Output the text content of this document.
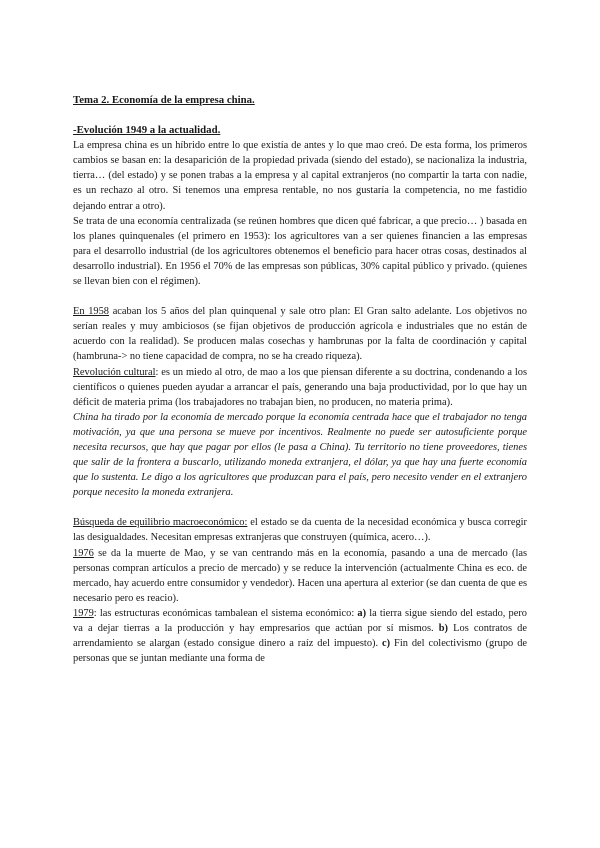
Tema 2. Economía de la empresa china.

-Evolución 1949 a la actualidad.

La empresa china es un híbrido entre lo que existía de antes y lo que mao creó. De esta forma, los primeros cambios se basan en: la desaparición de la propiedad privada (siendo del estado), se nacionaliza la industria, tierra… (del estado) y se ponen trabas a la empresa y al capital extranjeros (no compartir la tarta con nadie, es un rechazo al otro. Si tenemos una empresa rentable, no nos gustaría la competencia, no me fastidio dejando entrar a otro).

Se trata de una economía centralizada (se reúnen hombres que dicen qué fabricar, a que precio… ) basada en los planes quinquenales (el primero en 1953): los agricultores van a ser quienes financien a las empresas para el desarrollo industrial (de los agricultores obtenemos el beneficio para hacer otras cosas, destinados al desarrollo industrial). En 1956 el 70% de las empresas son públicas, 30% capital público y privado. (quienes se llevan bien con el régimen).

En 1958 acaban los 5 años del plan quinquenal y sale otro plan: El Gran salto adelante. Los objetivos no serían reales y muy ambiciosos (se fijan objetivos de producción agrícola e industriales que no están de acuerdo con la realidad). Se producen malas cosechas y hambrunas por la falta de coordinación y capital (hambruna-> no tiene capacidad de compra, no se ha creado riqueza).

Revolución cultural: es un miedo al otro, de mao a los que piensan diferente a su doctrina, condenando a los científicos o quienes pueden ayudar a arrancar el país, generando una baja productividad, por lo que hay un déficit de materia prima (los trabajadores no trabajan bien, no producen, no materia prima).

China ha tirado por la economía de mercado porque la economía centrada hace que el trabajador no tenga motivación, ya que una persona se mueve por incentivos. Realmente no puede ser autosuficiente porque necesita recursos, que hay que pagar por ellos (le pasa a China). Tu territorio no tiene proveedores, tienes que salir de la frontera a buscarlo, utilizando moneda extranjera, el dólar, ya que hay una fuerte economía que lo sustenta. Le digo a los agricultores que produzcan para el país, pero necesito vender en el extranjero porque necesito la moneda extranjera.

Búsqueda de equilibrio macroeconómico: el estado se da cuenta de la necesidad económica y busca corregir las desigualdades. Necesitan empresas extranjeras que construyen (química, acero…).

1976 se da la muerte de Mao, y se van centrando más en la economía, pasando a una de mercado (las personas compran artículos a precio de mercado) y se reduce la intervención (actualmente China es eco. de mercado, hay acuerdo entre consumidor y vendedor). Hacen una apertura al exterior (se dan cuenta de que es necesario pero es reacio).

1979: las estructuras económicas tambalean el sistema económico: a) la tierra sigue siendo del estado, pero va a dejar tierras a la producción y hay empresarios que actúan por sí mismos. b) Los contratos de arrendamiento se alargan (estado consigue dinero a raíz del impuesto). c) Fin del colectivismo (grupo de personas que se juntan mediante una forma de
